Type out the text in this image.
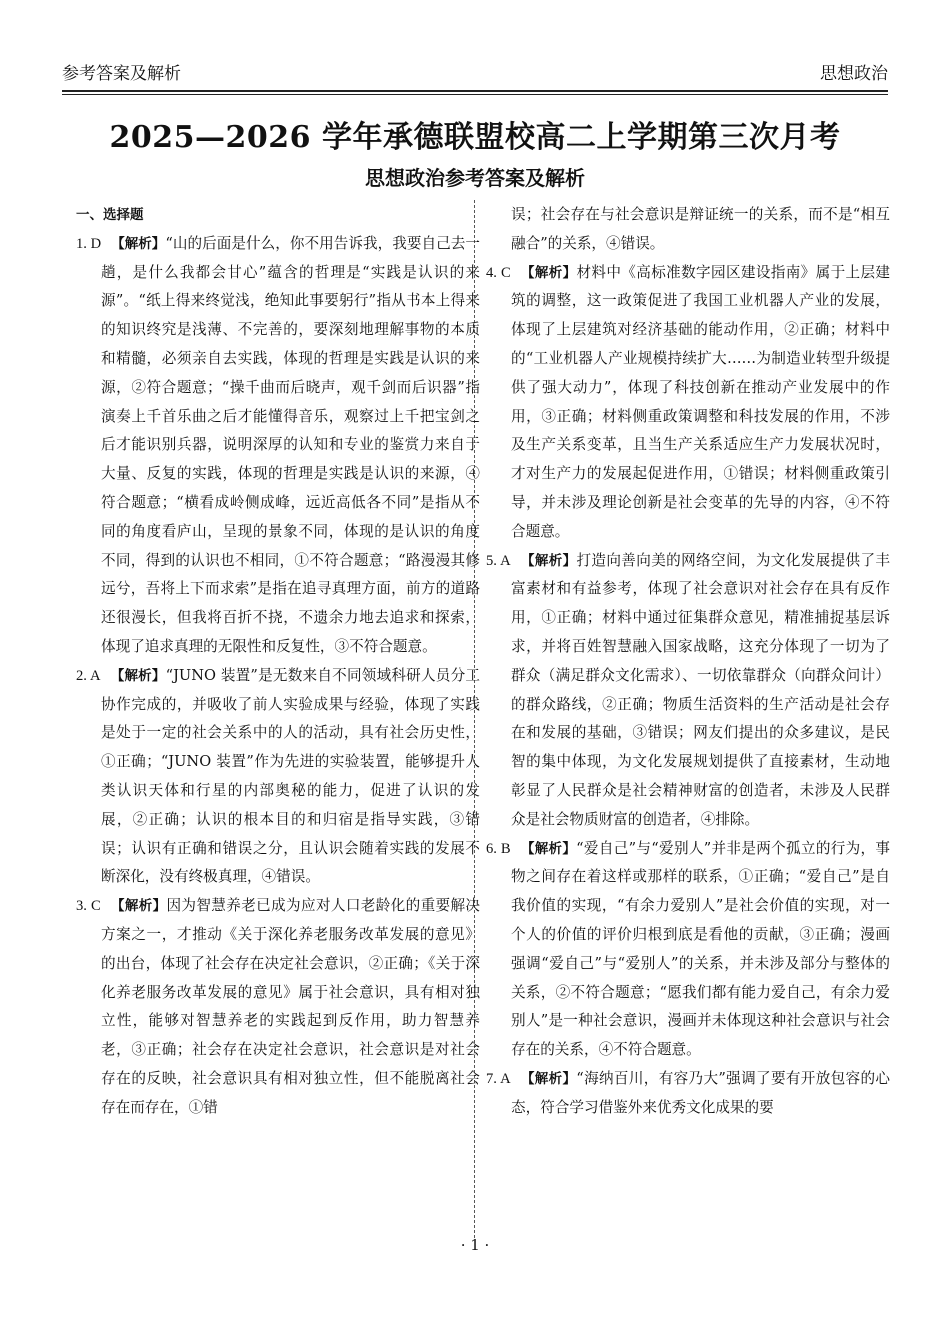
参考答案及解析	思想政治
2025—2026 学年承德联盟校高二上学期第三次月考
思想政治参考答案及解析

一、选择题

1. D 【解析】“山的后面是什么，你不用告诉我，我要自己去一趟，是什么我都会甘心”蕴含的哲理是“实践是认识的来源”。“纸上得来终觉浅，绝知此事要躬行”指从书本上得来的知识终究是浅薄、不完善的，要深刻地理解事物的本质和精髓，必须亲自去实践，体现的哲理是实践是认识的来源，②符合题意；“操千曲而后晓声，观千剑而后识器”指演奏上千首乐曲之后才能懂得音乐，观察过上千把宝剑之后才能识别兵器，说明深厚的认知和专业的鉴赏力来自于大量、反复的实践，体现的哲理是实践是认识的来源，④符合题意；“横看成岭侧成峰，远近高低各不同”是指从不同的角度看庐山，呈现的景象不同，体现的是认识的角度不同，得到的认识也不相同，①不符合题意；“路漫漫其修远兮，吾将上下而求索”是指在追寻真理方面，前方的道路还很漫长，但我将百折不挠，不遗余力地去追求和探索，体现了追求真理的无限性和反复性，③不符合题意。

2. A 【解析】“JUNO 装置”是无数来自不同领域科研人员分工协作完成的，并吸收了前人实验成果与经验，体现了实践是处于一定的社会关系中的人的活动，具有社会历史性，①正确；“JUNO 装置”作为先进的实验装置，能够提升人类认识天体和行星的内部奥秘的能力，促进了认识的发展，②正确；认识的根本目的和归宿是指导实践，③错误；认识有正确和错误之分，且认识会随着实践的发展不断深化，没有终极真理，④错误。

3. C 【解析】因为智慧养老已成为应对人口老龄化的重要解决方案之一，才推动《关于深化养老服务改革发展的意见》的出台，体现了社会存在决定社会意识，②正确；《关于深化养老服务改革发展的意见》属于社会意识，具有相对独立性，能够对智慧养老的实践起到反作用，助力智慧养老，③正确；社会存在决定社会意识，社会意识是对社会存在的反映，社会意识具有相对独立性，但不能脱离社会存在而存在，①错

误；社会存在与社会意识是辩证统一的关系，而不是“相互融合”的关系，④错误。

4. C 【解析】材料中《高标准数字园区建设指南》属于上层建筑的调整，这一政策促进了我国工业机器人产业的发展，体现了上层建筑对经济基础的能动作用，②正确；材料中的“工业机器人产业规模持续扩大……为制造业转型升级提供了强大动力”，体现了科技创新在推动产业发展中的作用，③正确；材料侧重政策调整和科技发展的作用，不涉及生产关系变革，且当生产关系适应生产力发展状况时，才对生产力的发展起促进作用，①错误；材料侧重政策引导，并未涉及理论创新是社会变革的先导的内容，④不符合题意。

5. A 【解析】打造向善向美的网络空间，为文化发展提供了丰富素材和有益参考，体现了社会意识对社会存在具有反作用，①正确；材料中通过征集群众意见，精准捕捉基层诉求，并将百姓智慧融入国家战略，这充分体现了一切为了群众（满足群众文化需求）、一切依靠群众（向群众问计）的群众路线，②正确；物质生活资料的生产活动是社会存在和发展的基础，③错误；网友们提出的众多建议，是民智的集中体现，为文化发展规划提供了直接素材，生动地彰显了人民群众是社会精神财富的创造者，未涉及人民群众是社会物质财富的创造者，④排除。

6. B 【解析】“爱自己”与“爱别人”并非是两个孤立的行为，事物之间存在着这样或那样的联系，①正确；“爱自己”是自我价值的实现，“有余力爱别人”是社会价值的实现，对一个人的价值的评价归根到底是看他的贡献，③正确；漫画强调“爱自己”与“爱别人”的关系，并未涉及部分与整体的关系，②不符合题意；“愿我们都有能力爱自己，有余力爱别人”是一种社会意识，漫画并未体现这种社会意识与社会存在的关系，④不符合题意。

7. A 【解析】“海纳百川，有容乃大”强调了要有开放包容的心态，符合学习借鉴外来优秀文化成果的要

· 1 ·
